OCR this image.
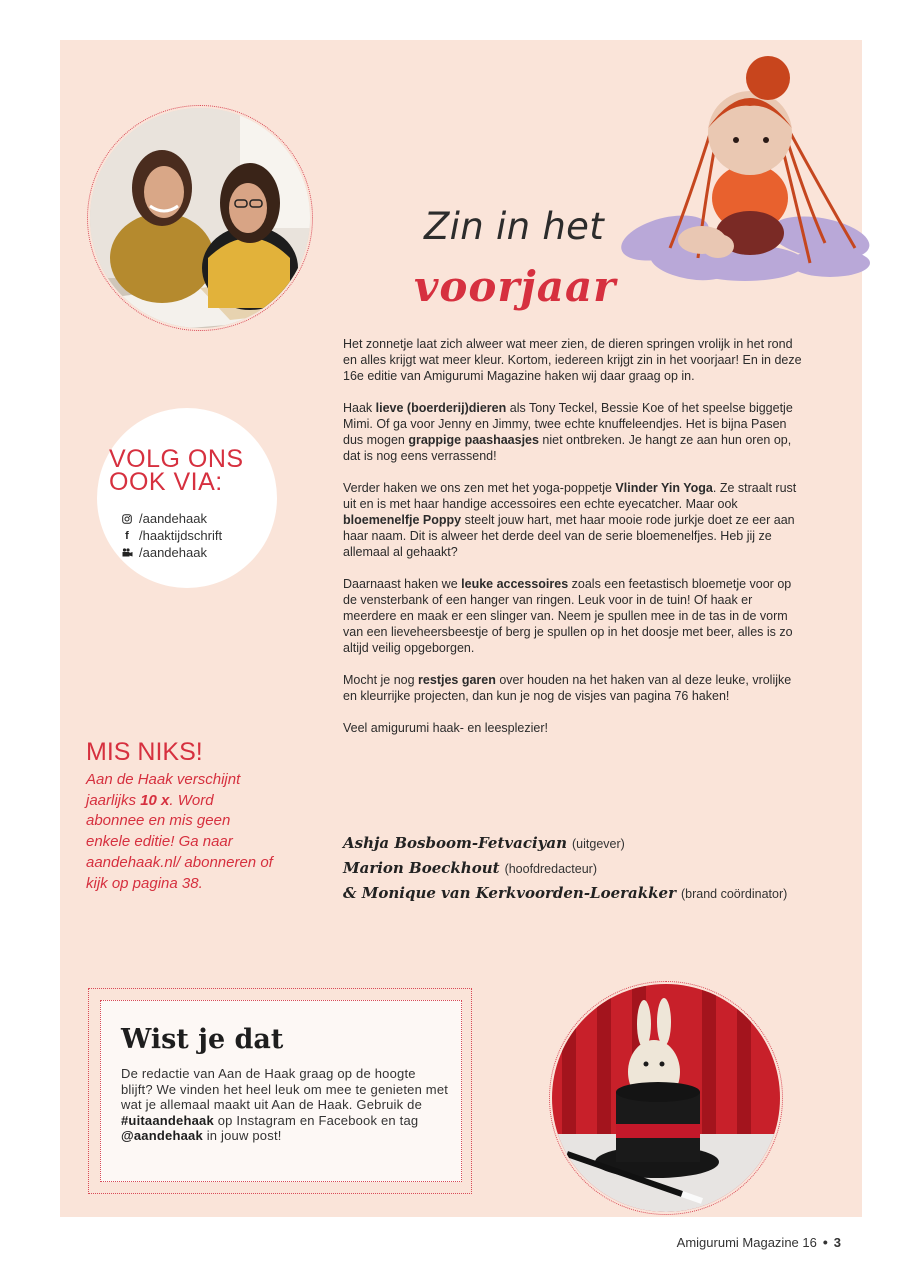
Zin in het
voorjaar
VOLG ONS
OOK VIA:
/aandehaak
f /haaktijdschrift
/aandehaak

Het zonnetje laat zich alweer wat meer zien, de dieren springen vrolijk in het rond en alles krijgt wat meer kleur. Kortom, iedereen krijgt zin in het voorjaar! En in deze 16e editie van Amigurumi Magazine haken wij daar graag op in.

Haak lieve (boerderij)dieren als Tony Teckel, Bessie Koe of het speelse biggetje Mimi. Of ga voor Jenny en Jimmy, twee echte knuffeleendjes. Het is bijna Pasen dus mogen grappige paashaasjes niet ontbreken. Je hangt ze aan hun oren op, dat is nog eens verrassend!

Verder haken we ons zen met het yoga-poppetje Vlinder Yin Yoga. Ze straalt rust uit en is met haar handige accessoires een echte eyecatcher. Maar ook bloemenelfje Poppy steelt jouw hart, met haar mooie rode jurkje doet ze eer aan haar naam. Dit is alweer het derde deel van de serie bloemenelfjes. Heb jij ze allemaal al gehaakt?

Daarnaast haken we leuke accessoires zoals een feetastisch bloemetje voor op de vensterbank of een hanger van ringen. Leuk voor in de tuin! Of haak er meerdere en maak er een slinger van. Neem je spullen mee in de tas in de vorm van een lieveheersbeestje of berg je spullen op in het doosje met beer, alles is zo altijd veilig opgeborgen.

Mocht je nog restjes garen over houden na het haken van al deze leuke, vrolijke en kleurrijke projecten, dan kun je nog de visjes van pagina 76 haken!

Veel amigurumi haak- en leesplezier!

Ashja Bosboom-Fetvaciyan (uitgever)
Marion Boeckhout (hoofdredacteur)
& Monique van Kerkvoorden-Loerakker (brand coördinator)
MIS NIKS!
Aan de Haak verschijnt jaarlijks 10 x. Word abonnee en mis geen enkele editie! Ga naar aandehaak.nl/ abonneren of kijk op pagina 38.
Wist je dat
De redactie van Aan de Haak graag op de hoogte blijft? We vinden het heel leuk om mee te genieten met wat je allemaal maakt uit Aan de Haak. Gebruik de #uitaandehaak op Instagram en Facebook en tag @aandehaak in jouw post!
Amigurumi Magazine 16 • 3
